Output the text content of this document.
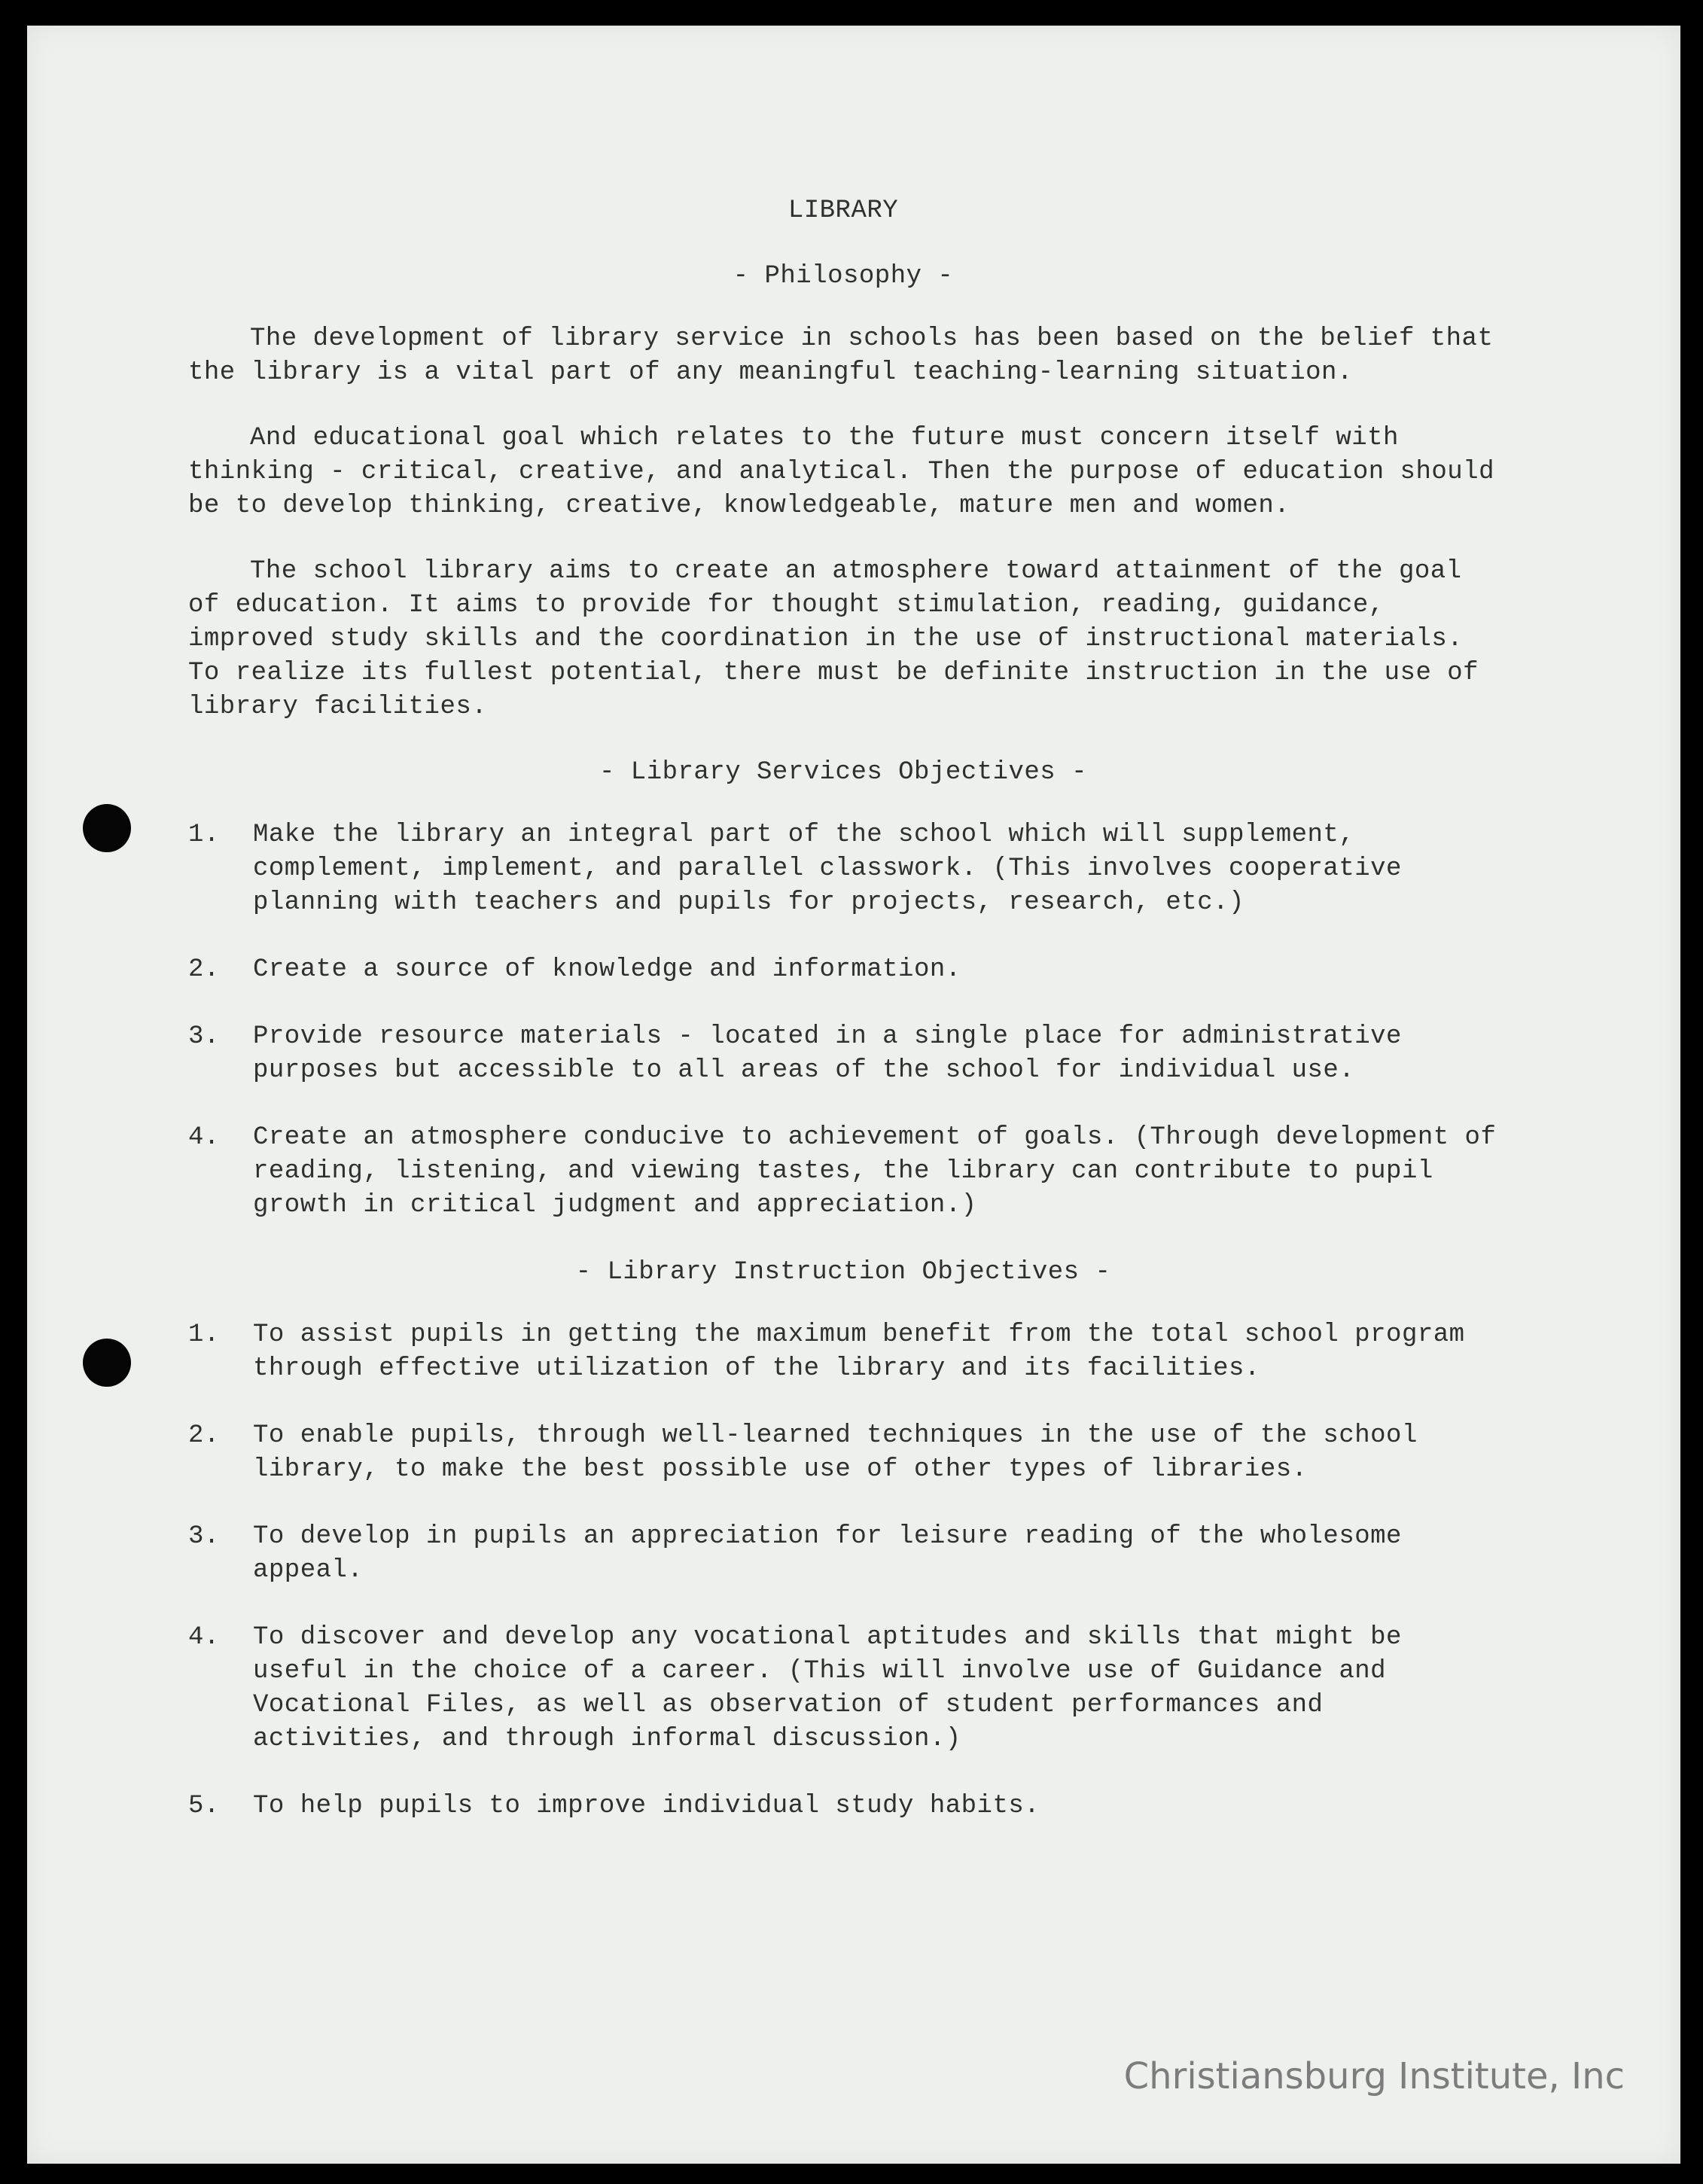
LIBRARY
- Philosophy -

The development of library service in schools has been based on the belief that the library is a vital part of any meaningful teaching-learning situation.

And educational goal which relates to the future must concern itself with thinking - critical, creative, and analytical. Then the purpose of education should be to develop thinking, creative, knowledgeable, mature men and women.

The school library aims to create an atmosphere toward attainment of the goal of education. It aims to provide for thought stimulation, reading, guidance, improved study skills and the coordination in the use of instructional materials. To realize its fullest potential, there must be definite instruction in the use of library facilities.

- Library Services Objectives -
1.	Make the library an integral part of the school which will supplement, complement, implement, and parallel classwork. (This involves cooperative planning with teachers and pupils for projects, research, etc.)
2.	Create a source of knowledge and information.
3.	Provide resource materials - located in a single place for administrative purposes but accessible to all areas of the school for individual use.
4.	Create an atmosphere conducive to achievement of goals. (Through development of reading, listening, and viewing tastes, the library can contribute to pupil growth in critical judgment and appreciation.)
- Library Instruction Objectives -
1.	To assist pupils in getting the maximum benefit from the total school program through effective utilization of the library and its facilities.
2.	To enable pupils, through well-learned techniques in the use of the school library, to make the best possible use of other types of libraries.
3.	To develop in pupils an appreciation for leisure reading of the wholesome appeal.
4.	To discover and develop any vocational aptitudes and skills that might be useful in the choice of a career. (This will involve use of Guidance and Vocational Files, as well as observation of student performances and activities, and through informal discussion.)
5.	To help pupils to improve individual study habits.
Christiansburg Institute, Inc
